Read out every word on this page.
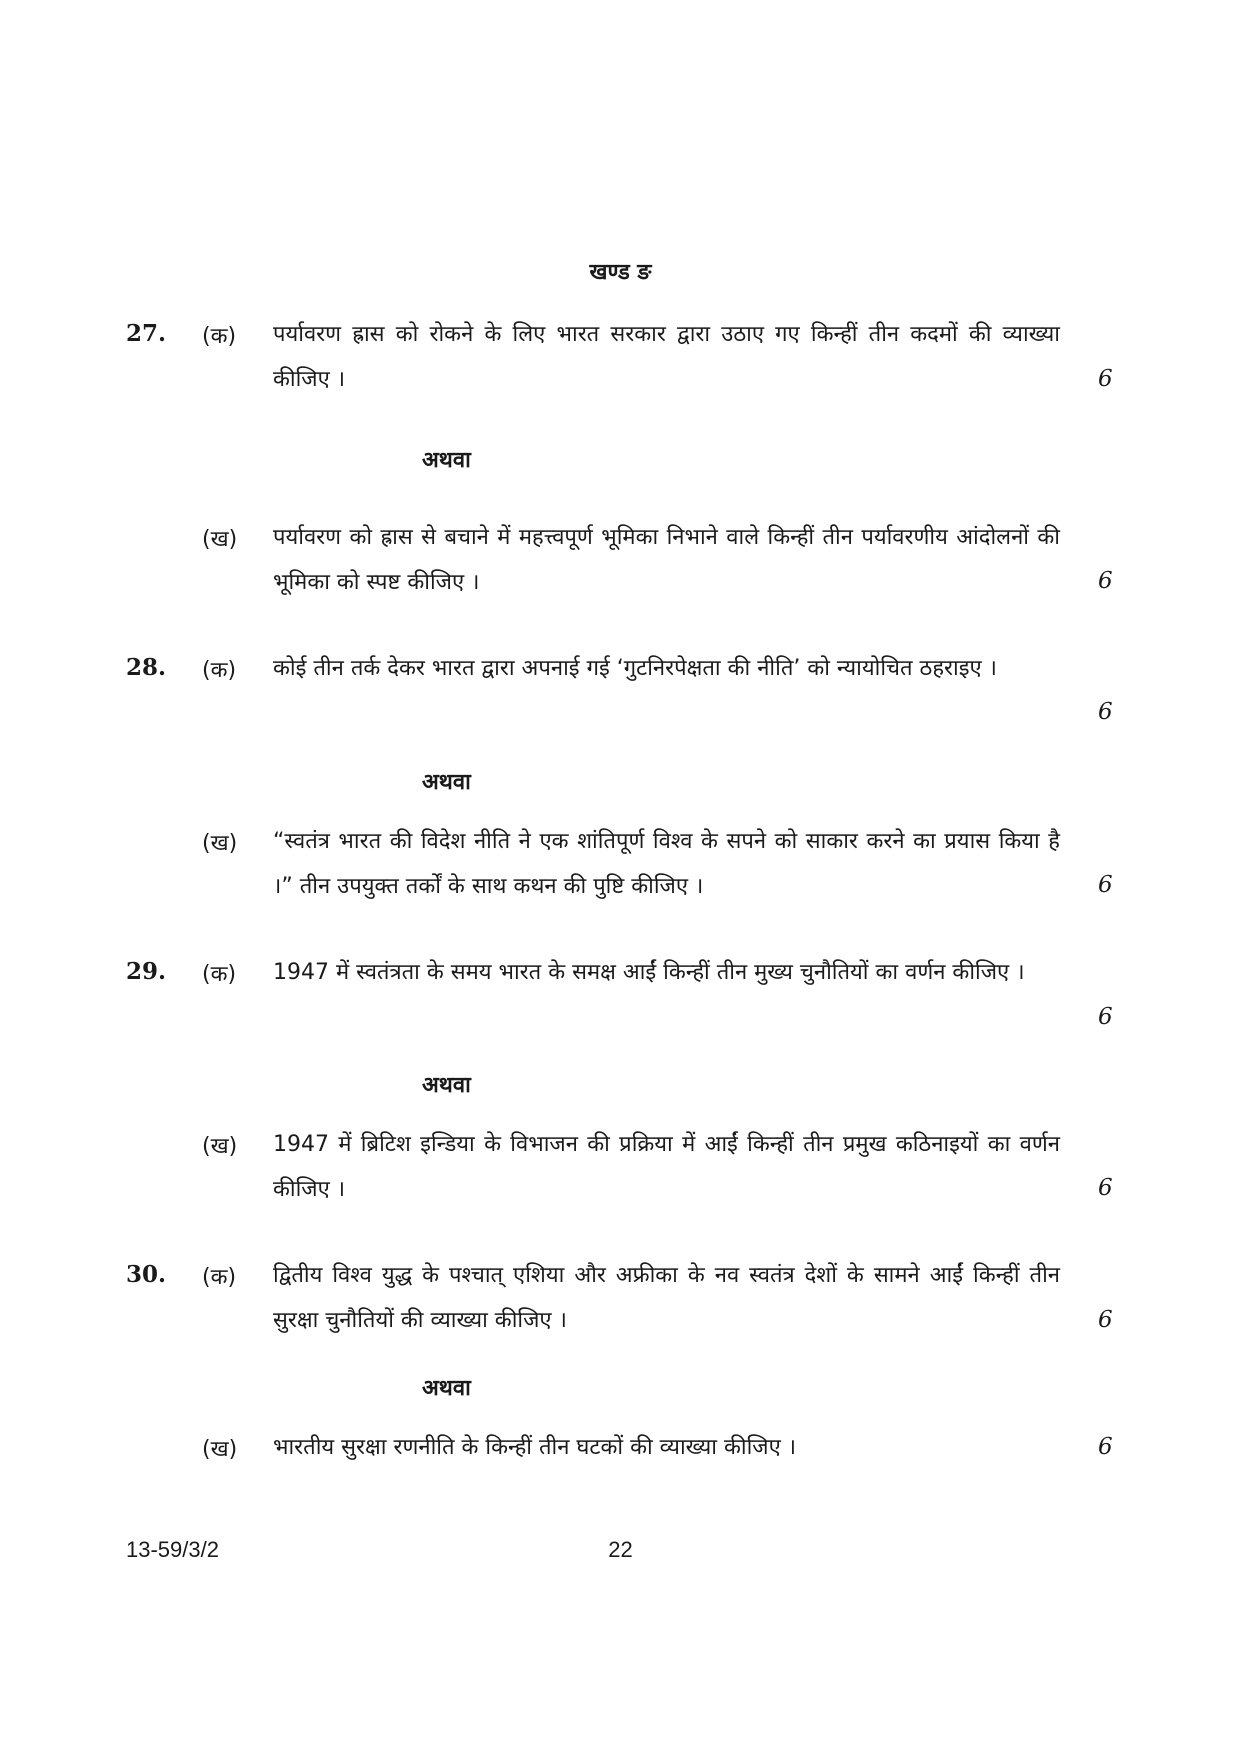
खण्ड ङ
27. (क) पर्यावरण ह्रास को रोकने के लिए भारत सरकार द्वारा उठाए गए किन्हीं तीन कदमों की व्याख्या कीजिए ।	6
अथवा
(ख) पर्यावरण को ह्रास से बचाने में महत्त्वपूर्ण भूमिका निभाने वाले किन्हीं तीन पर्यावरणीय आंदोलनों की भूमिका को स्पष्ट कीजिए ।	6
28. (क) कोई तीन तर्क देकर भारत द्वारा अपनाई गई ‘गुटनिरपेक्षता की नीति’ को न्यायोचित ठहराइए ।
6
अथवा
(ख) “स्वतंत्र भारत की विदेश नीति ने एक शांतिपूर्ण विश्व के सपने को साकार करने का प्रयास किया है ।” तीन उपयुक्त तर्कों के साथ कथन की पुष्टि कीजिए ।	6
29. (क) 1947 में स्वतंत्रता के समय भारत के समक्ष आईं किन्हीं तीन मुख्य चुनौतियों का वर्णन कीजिए ।
6
अथवा
(ख) 1947 में ब्रिटिश इन्डिया के विभाजन की प्रक्रिया में आईं किन्हीं तीन प्रमुख कठिनाइयों का वर्णन कीजिए ।	6
30. (क) द्वितीय विश्व युद्ध के पश्चात् एशिया और अफ्रीका के नव स्वतंत्र देशों के सामने आईं किन्हीं तीन सुरक्षा चुनौतियों की व्याख्या कीजिए ।	6
अथवा
(ख) भारतीय सुरक्षा रणनीति के किन्हीं तीन घटकों की व्याख्या कीजिए ।	6
13-59/3/2	22
